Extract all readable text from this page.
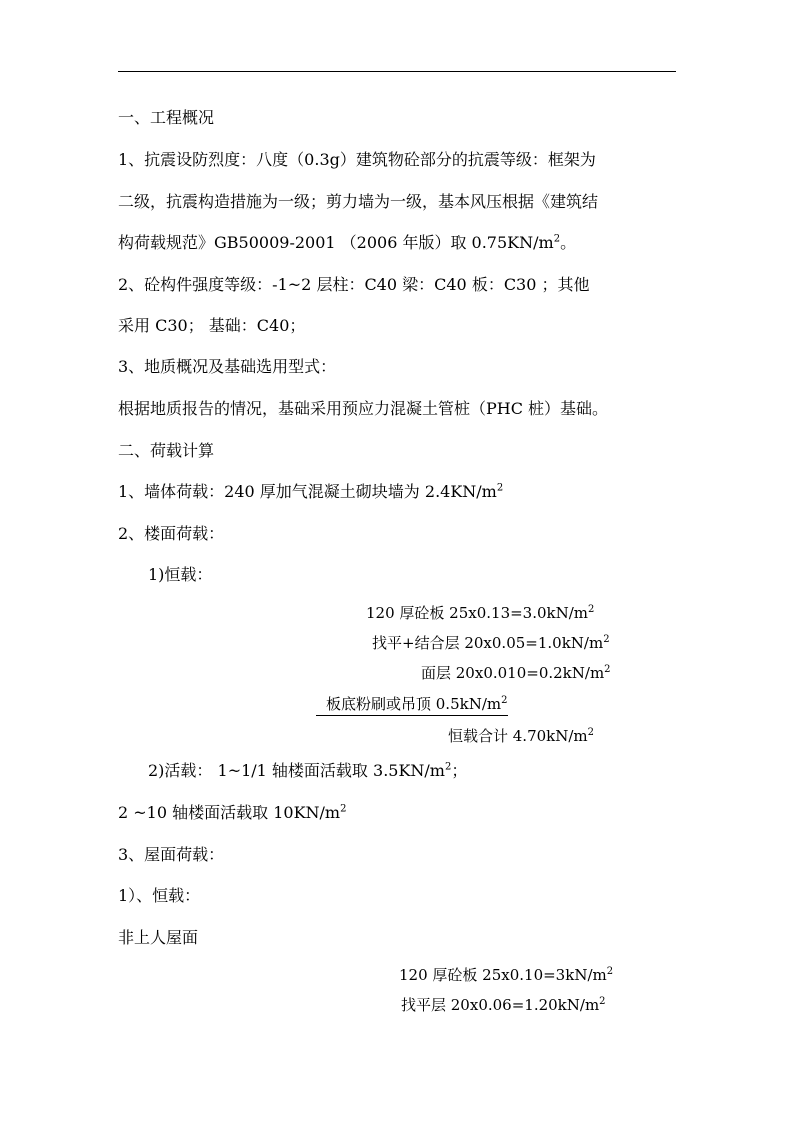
一、工程概况

1、抗震设防烈度：八度（0.3g）建筑物砼部分的抗震等级：框架为

二级，抗震构造措施为一级；剪力墙为一级，基本风压根据《建筑结

构荷载规范》GB50009-2001 （2006 年版）取 $0.75KN/m^2$。

2、砼构件强度等级：-1~2 层柱：C40 梁：C40 板：C30 ；其他

采用 C30； 基础：C40；

3、地质概况及基础选用型式：

根据地质报告的情况，基础采用预应力混凝土管桩（PHC 桩）基础。

二、荷载计算

1、墙体荷载：240 厚加气混凝土砌块墙为 $2.4KN/m^2$

2、楼面荷载：

1)恒载：

120 厚砼板 $25x0.13=3.0kN/m^2$

找平+结合层 $20x0.05=1.0kN/m^2$

面层 $20x0.010=0.2kN/m^2$

板底粉刷或吊顶 $0.5kN/m^2$

恒载合计 $4.70kN/m^2$

2)活载： 1~1/1 轴楼面活载取 $3.5KN/m^2$；

2 ~10 轴楼面活载取 $10KN/m^2$

3、屋面荷载：

1）、恒载：

非上人屋面

120 厚砼板 $25x0.10=3kN/m^2$

找平层 $20x0.06=1.20kN/m^2$
